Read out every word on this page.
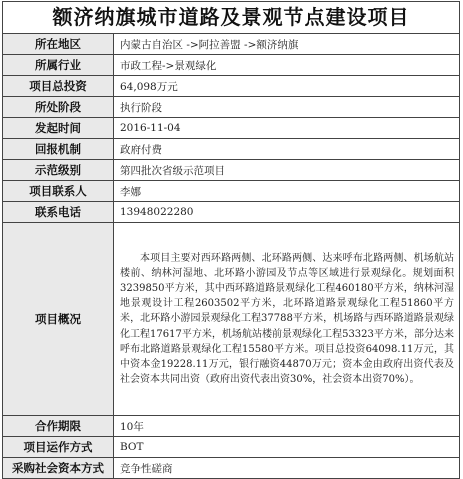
额济纳旗城市道路及景观节点建设项目
所在地区	内蒙古自治区 ->阿拉善盟 ->额济纳旗
所属行业	市政工程->景观绿化
项目总投资	64,098万元
所处阶段	执行阶段
发起时间	2016-11-04
回报机制	政府付费
示范级别	第四批次省级示范项目
项目联系人	李娜
联系电话	13948022280
项目概况	本项目主要对西环路两侧、北环路两侧、达来呼布北路两侧、机场航站楼前、纳林河湿地、北环路小游园及节点等区域进行景观绿化。规划面积3239850平方米，其中西环路道路景观绿化工程460180平方米，纳林河湿地景观设计工程2603502平方米，北环路道路景观绿化工程51860平方米，北环路小游园景观绿化工程37788平方米，机场路与西环路道路景观绿化工程17617平方米，机场航站楼前景观绿化工程53323平方米，部分达来呼布北路道路景观绿化工程15580平方米。项目总投资64098.11万元，其中资本金19228.11万元，银行融资44870万元；资本金由政府出资代表及社会资本共同出资（政府出资代表出资30%，社会资本出资70%）。
合作期限	10年
项目运作方式	BOT
采购社会资本方式	竞争性磋商
